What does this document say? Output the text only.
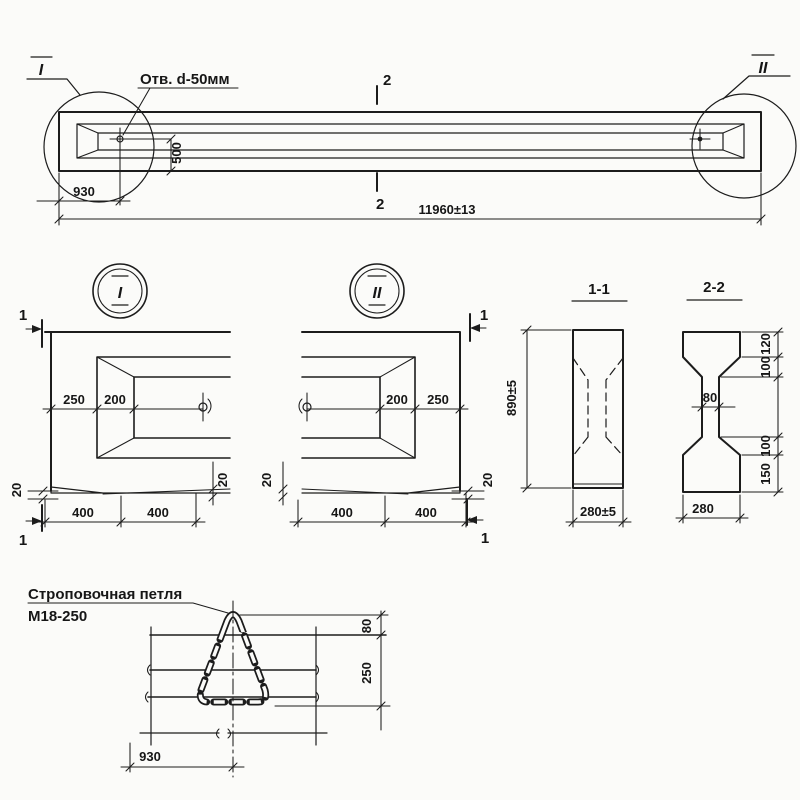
I	II
Отв. d-50мм	2
2
930
500
11960±13
I
250 200
20
20
400	400
1
1
II
200 250
20	20
400	400
1
1
1-1
890±5
280±5
2-2
80
120
100
100
150
280
Строповочная петля
М18-250
80
250
930
